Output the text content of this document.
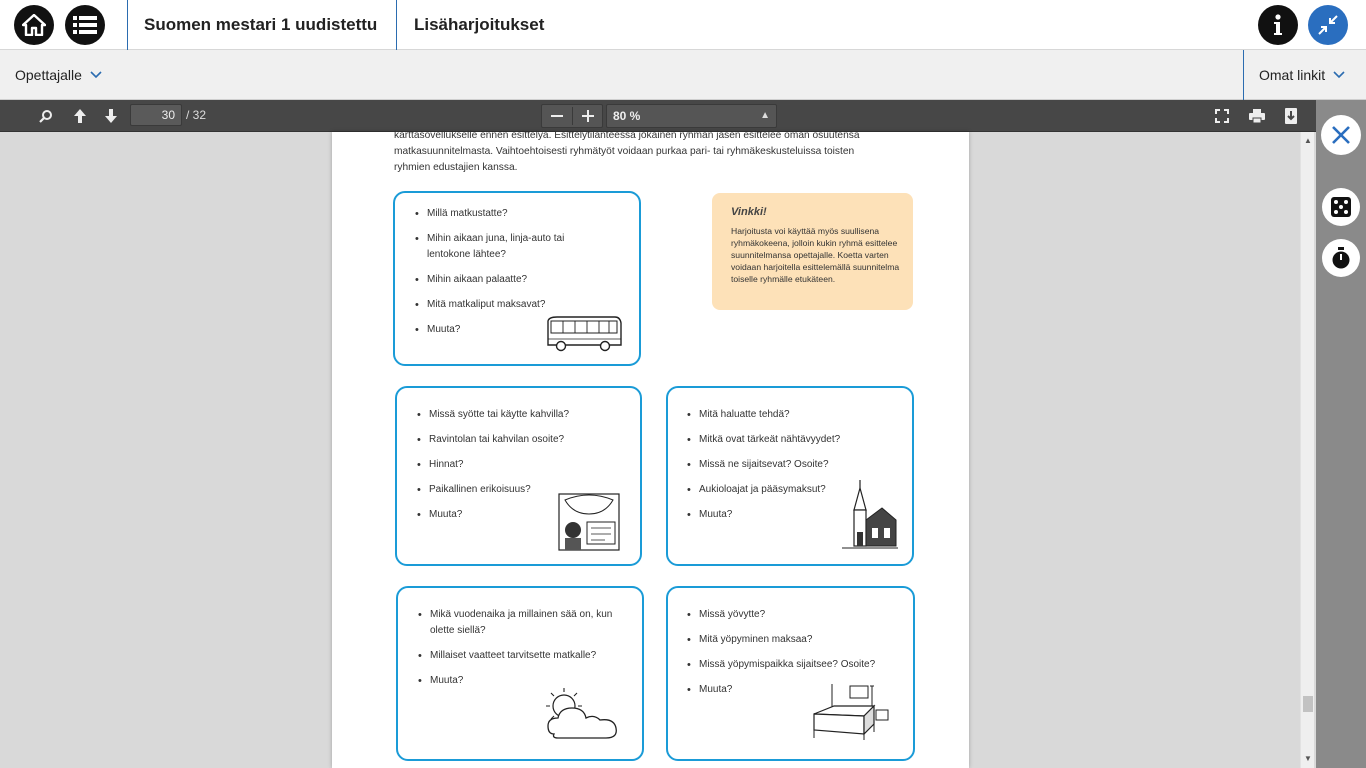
Suomen mestari 1 uudistettu	Lisäharjoitukset
Opettajalle	Omat linkit
30 / 32	80 %	▲

karttasovellukselle ennen esittelyä. Esittelytilanteessa jokainen ryhmän jäsen esittelee oman osuutensa
matkasuunnitelmasta. Vaihtoehtoisesti ryhmätyöt voidaan purkaa pari- tai ryhmäkeskusteluissa toisten
ryhmien edustajien kanssa.
• Millä matkustatte?
• Mihin aikaan juna, linja-auto tai lentokone lähtee?
• Mihin aikaan palaatte?
• Mitä matkaliput maksavat?
• Muuta?
Vinkki!
Harjoitusta voi käyttää myös suullisena ryhmäkokeena, jolloin kukin ryhmä esittelee suunnitelmansa opettajalle. Koetta varten voidaan harjoitella esittelemällä suunnitelma toiselle ryhmälle etukäteen.
• Missä syötte tai käytte kahvilla?
• Ravintolan tai kahvilan osoite?
• Hinnat?
• Paikallinen erikoisuus?
• Muuta?
• Mitä haluatte tehdä?
• Mitkä ovat tärkeät nähtävyydet?
• Missä ne sijaitsevat? Osoite?
• Aukioloajat ja pääsymaksut?
• Muuta?
• Mikä vuodenaika ja millainen sää on, kun olette siellä?
• Millaiset vaatteet tarvitsette matkalle?
• Muuta?
• Missä yövytte?
• Mitä yöpyminen maksaa?
• Missä yöpymispaikka sijaitsee? Osoite?
• Muuta?
▲
▼
